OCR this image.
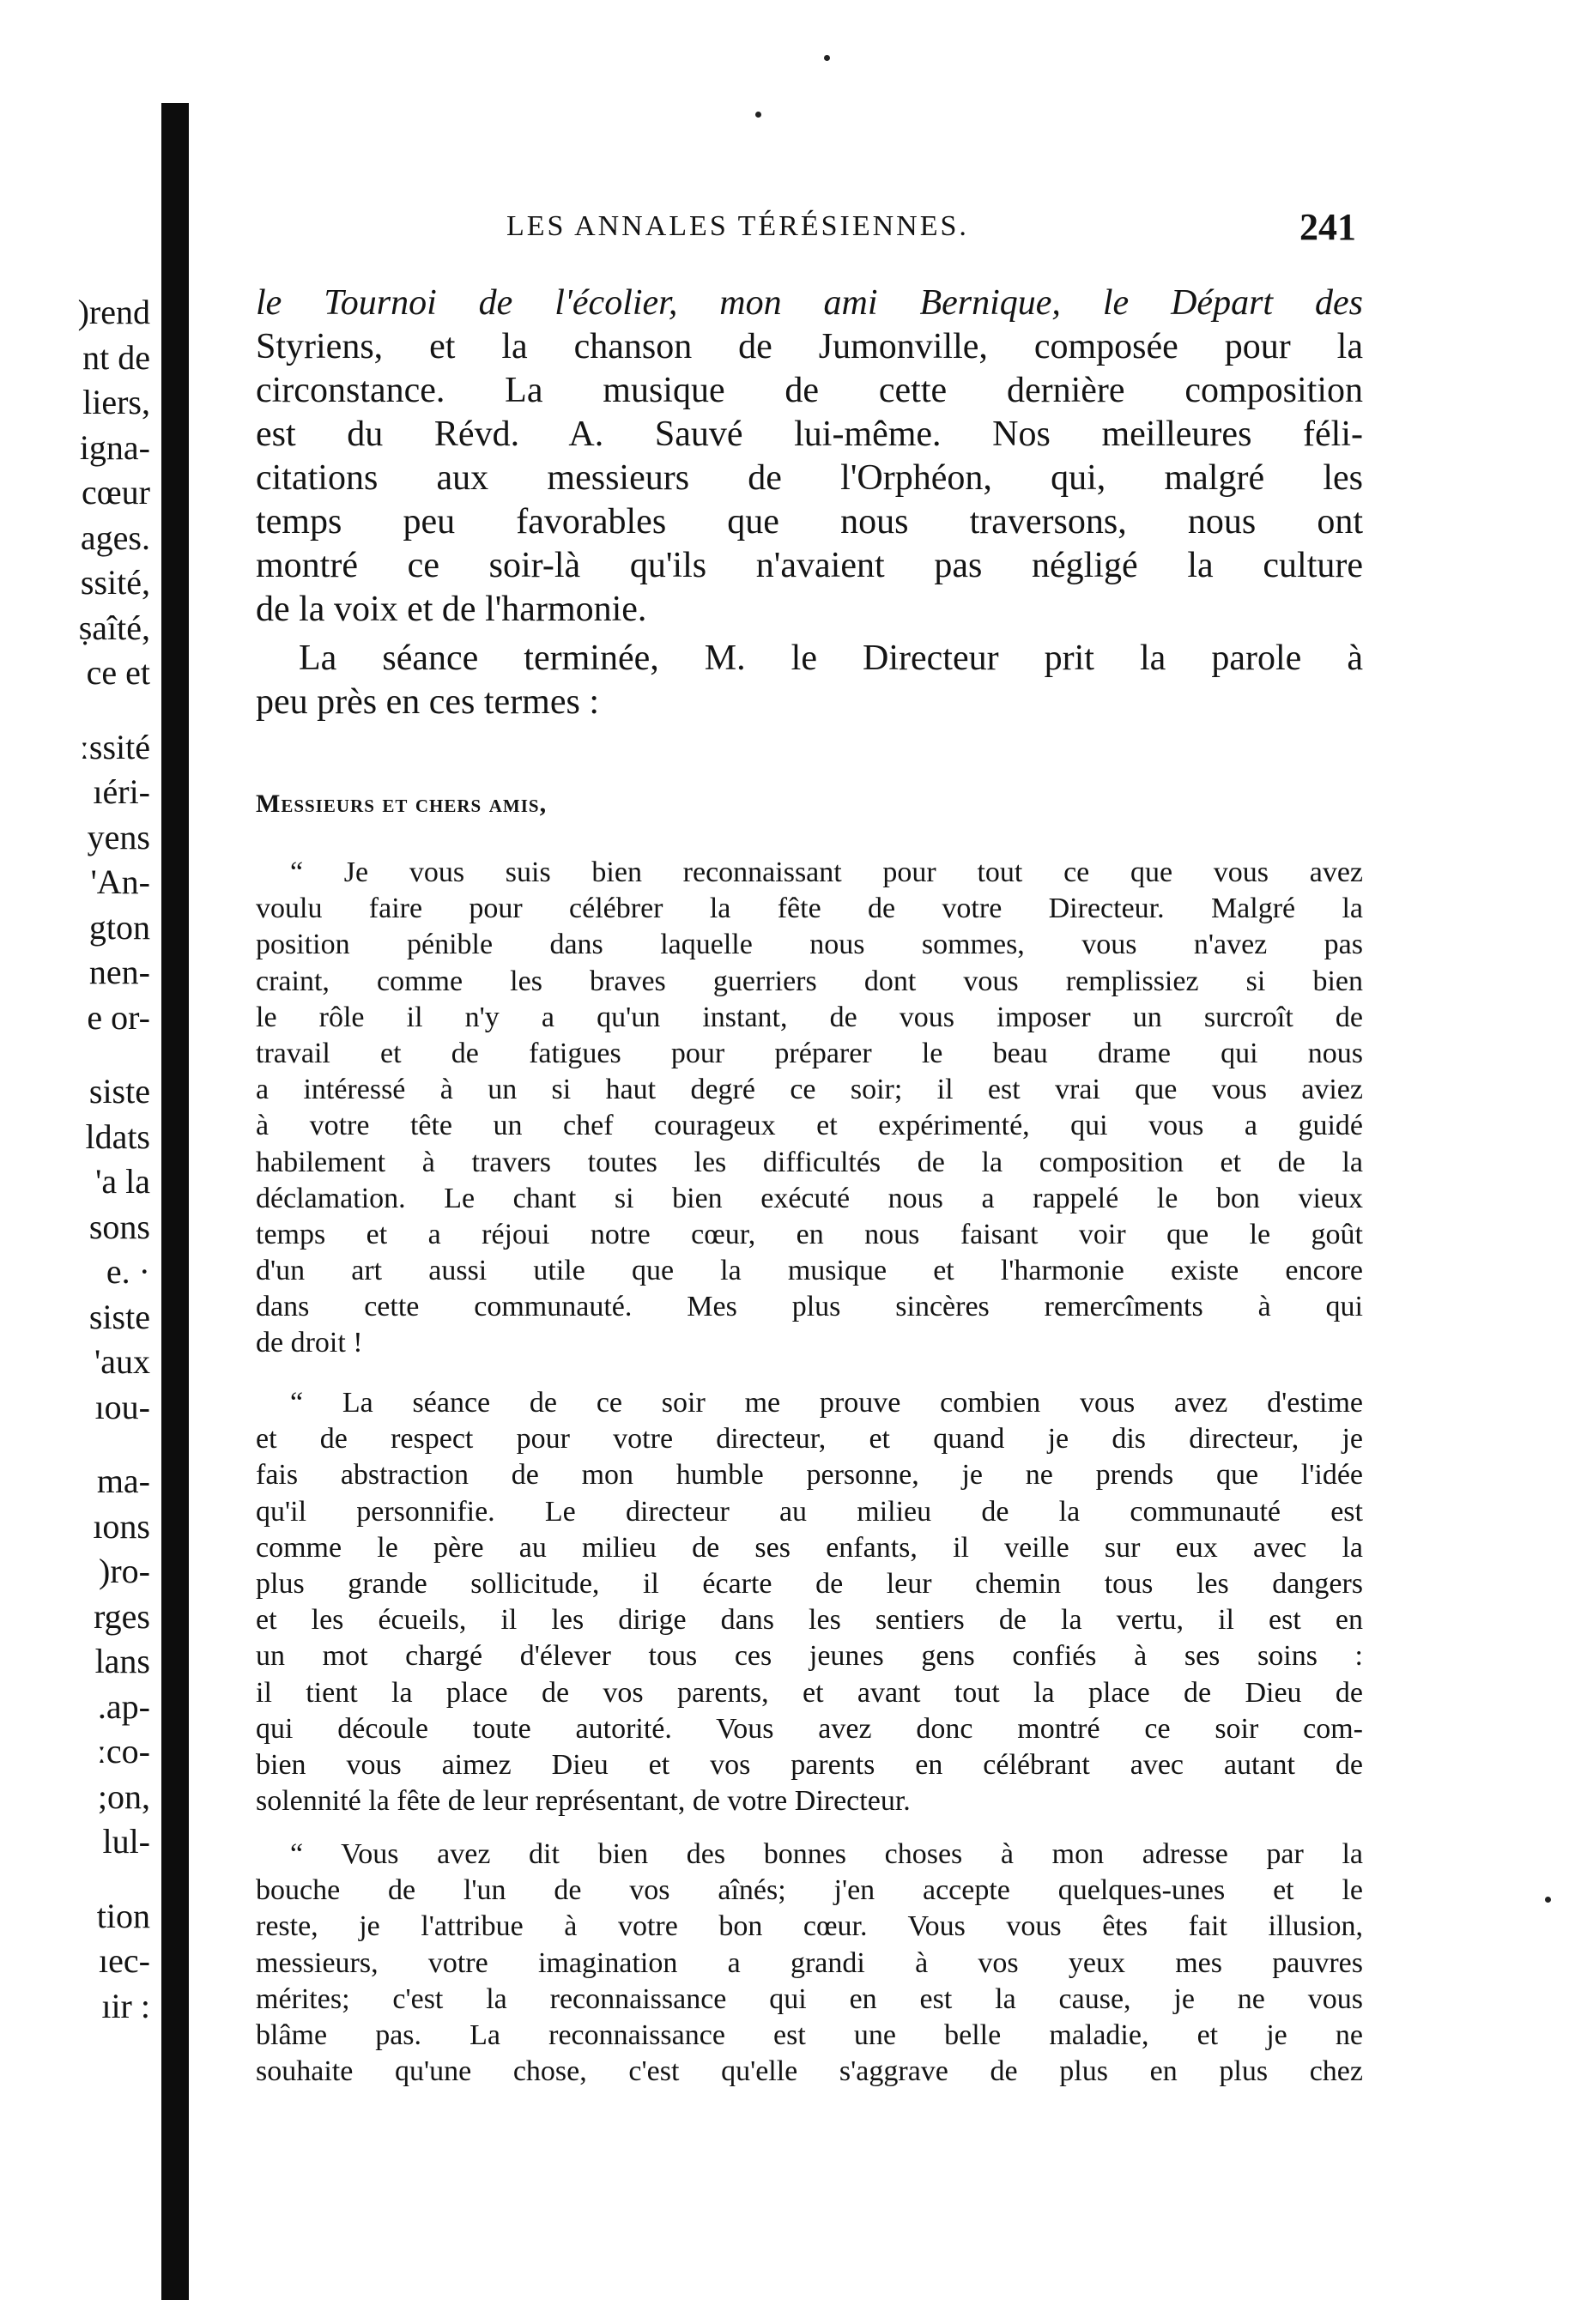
LES ANNALES TÉRÉSIENNES.	241
)rend
nt de
liers,
igna-
cœur
ages.
ssité,
ṣaîté,
ce et
ːssité
ıéri-
yens
'An-
gton
nen-
e or-
siste
ldats
'a la
sons
e. ·
siste
'aux
ıou-
ma-
ıons
)ro-
rges
lans
.ap-
ːco-
;on,
lul-
tion
ıec-
ıir :
le Tournoi de l'écolier, mon ami Bernique, le Départ des
Styriens, et la chanson de Jumonville, composée pour la
circonstance. La musique de cette dernière composition
est du Révd. A. Sauvé lui-même. Nos meilleures féli-
citations aux messieurs de l'Orphéon, qui, malgré les
temps peu favorables que nous traversons, nous ont
montré ce soir-là qu'ils n'avaient pas négligé la culture
de la voix et de l'harmonie.
La séance terminée, M. le Directeur prit la parole à
peu près en ces termes :
Messieurs et chers amis,
“ Je vous suis bien reconnaissant pour tout ce que vous avez
voulu faire pour célébrer la fête de votre Directeur. Malgré la
position pénible dans laquelle nous sommes, vous n'avez pas
craint, comme les braves guerriers dont vous remplissiez si bien
le rôle il n'y a qu'un instant, de vous imposer un surcroît de
travail et de fatigues pour préparer le beau drame qui nous
a intéressé à un si haut degré ce soir; il est vrai que vous aviez
à votre tête un chef courageux et expérimenté, qui vous a guidé
habilement à travers toutes les difficultés de la composition et de la
déclamation. Le chant si bien exécuté nous a rappelé le bon vieux
temps et a réjoui notre cœur, en nous faisant voir que le goût
d'un art aussi utile que la musique et l'harmonie existe encore
dans cette communauté. Mes plus sincères remercîments à qui
de droit !
“ La séance de ce soir me prouve combien vous avez d'estime
et de respect pour votre directeur, et quand je dis directeur, je
fais abstraction de mon humble personne, je ne prends que l'idée
qu'il personnifie. Le directeur au milieu de la communauté est
comme le père au milieu de ses enfants, il veille sur eux avec la
plus grande sollicitude, il écarte de leur chemin tous les dangers
et les écueils, il les dirige dans les sentiers de la vertu, il est en
un mot chargé d'élever tous ces jeunes gens confiés à ses soins :
il tient la place de vos parents, et avant tout la place de Dieu de
qui découle toute autorité. Vous avez donc montré ce soir com-
bien vous aimez Dieu et vos parents en célébrant avec autant de
solennité la fête de leur représentant, de votre Directeur.
“ Vous avez dit bien des bonnes choses à mon adresse par la
bouche de l'un de vos aînés; j'en accepte quelques-unes et le
reste, je l'attribue à votre bon cœur. Vous vous êtes fait illusion,
messieurs, votre imagination a grandi à vos yeux mes pauvres
mérites; c'est la reconnaissance qui en est la cause, je ne vous
blâme pas. La reconnaissance est une belle maladie, et je ne
souhaite qu'une chose, c'est qu'elle s'aggrave de plus en plus chez
